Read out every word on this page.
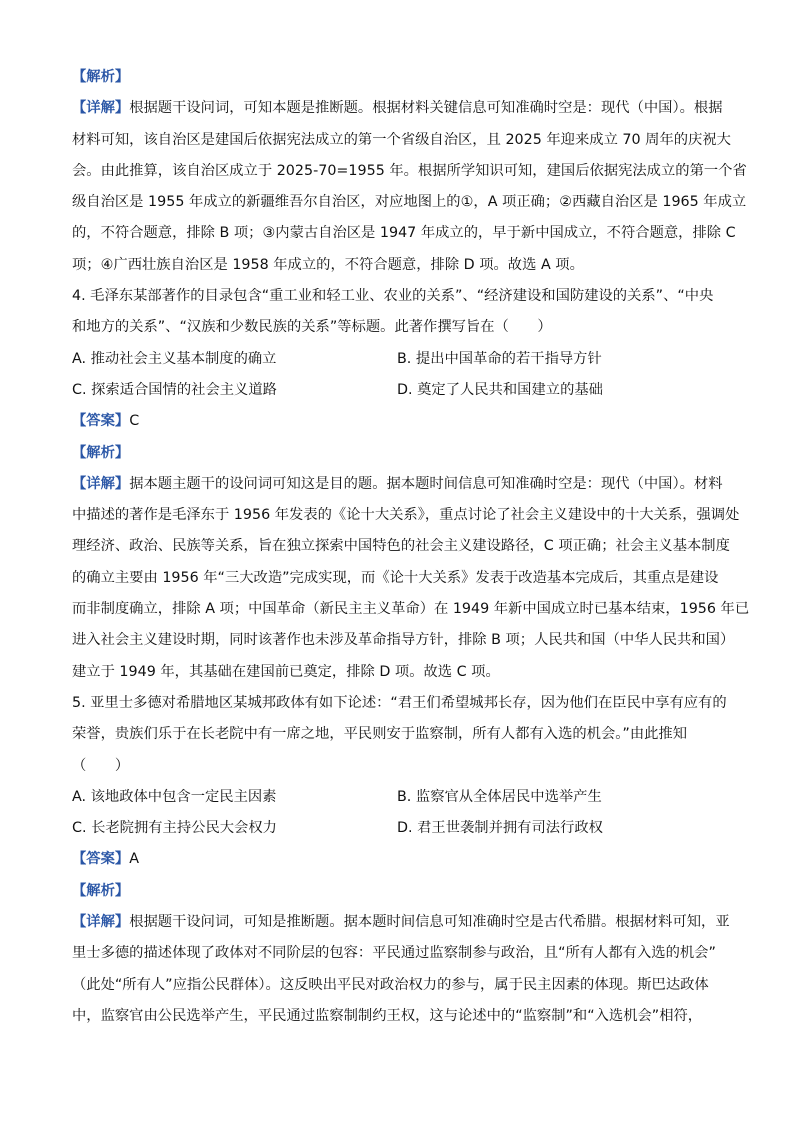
【解析】
【详解】根据题干设问词，可知本题是推断题。根据材料关键信息可知准确时空是：现代（中国）。根据
材料可知，该自治区是建国后依据宪法成立的第一个省级自治区，且 2025 年迎来成立 70 周年的庆祝大
会。由此推算，该自治区成立于 2025-70=1955 年。根据所学知识可知，建国后依据宪法成立的第一个省
级自治区是 1955 年成立的新疆维吾尔自治区，对应地图上的①，A 项正确；②西藏自治区是 1965 年成立
的，不符合题意，排除 B 项；③内蒙古自治区是 1947 年成立的，早于新中国成立，不符合题意，排除 C
项；④广西壮族自治区是 1958 年成立的，不符合题意，排除 D 项。故选 A 项。
4. 毛泽东某部著作的目录包含“重工业和轻工业、农业的关系”、“经济建设和国防建设的关系”、“中央
和地方的关系”、“汉族和少数民族的关系”等标题。此著作撰写旨在（　　）
A. 推动社会主义基本制度的确立	B. 提出中国革命的若干指导方针
C. 探索适合国情的社会主义道路	D. 奠定了人民共和国建立的基础
【答案】C
【解析】
【详解】据本题主题干的设问词可知这是目的题。据本题时间信息可知准确时空是：现代（中国）。材料
中描述的著作是毛泽东于 1956 年发表的《论十大关系》，重点讨论了社会主义建设中的十大关系，强调处
理经济、政治、民族等关系，旨在独立探索中国特色的社会主义建设路径，C 项正确；社会主义基本制度
的确立主要由 1956 年“三大改造”完成实现，而《论十大关系》发表于改造基本完成后，其重点是建设
而非制度确立，排除 A 项；中国革命（新民主主义革命）在 1949 年新中国成立时已基本结束，1956 年已
进入社会主义建设时期，同时该著作也未涉及革命指导方针，排除 B 项；人民共和国（中华人民共和国）
建立于 1949 年，其基础在建国前已奠定，排除 D 项。故选 C 项。
5. 亚里士多德对希腊地区某城邦政体有如下论述：“君王们希望城邦长存，因为他们在臣民中享有应有的
荣誉，贵族们乐于在长老院中有一席之地，平民则安于监察制，所有人都有入选的机会。”由此推知
（　　）
A. 该地政体中包含一定民主因素	B. 监察官从全体居民中选举产生
C. 长老院拥有主持公民大会权力	D. 君王世袭制并拥有司法行政权
【答案】A
【解析】
【详解】根据题干设问词，可知是推断题。据本题时间信息可知准确时空是古代希腊。根据材料可知，亚
里士多德的描述体现了政体对不同阶层的包容：平民通过监察制参与政治，且“所有人都有入选的机会”
（此处“所有人”应指公民群体）。这反映出平民对政治权力的参与，属于民主因素的体现。斯巴达政体
中，监察官由公民选举产生，平民通过监察制制约王权，这与论述中的“监察制”和“入选机会”相符，
